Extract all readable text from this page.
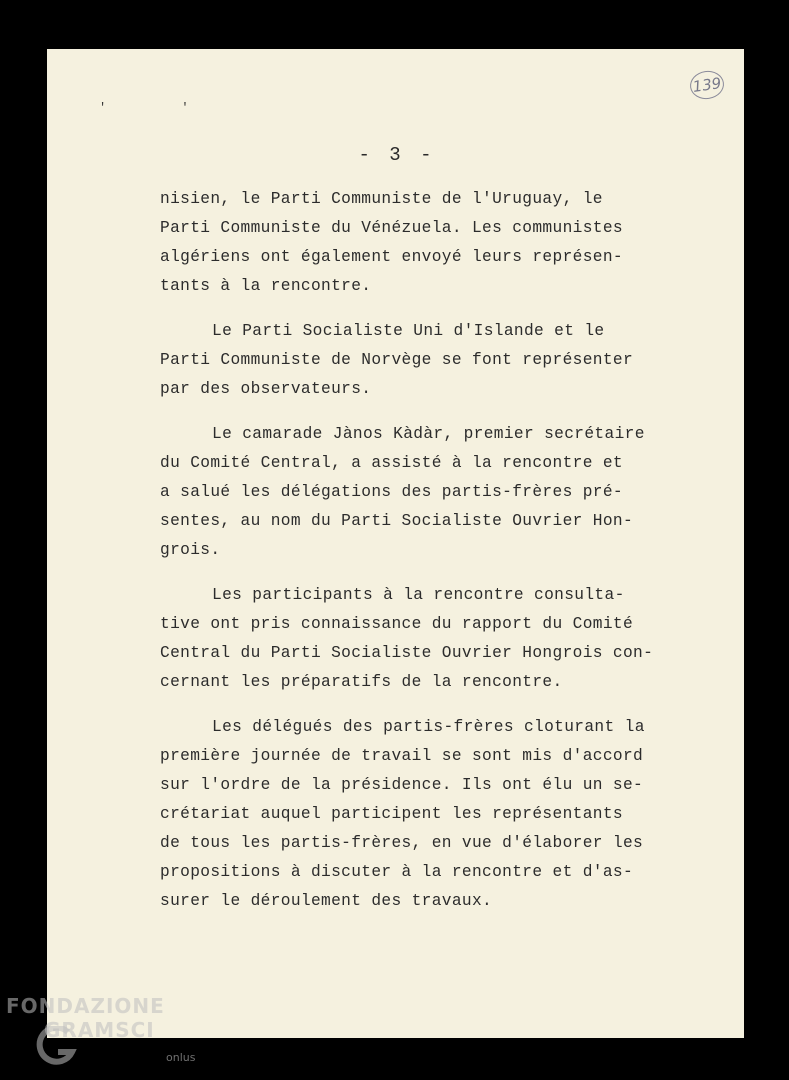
139
' '
- 3 -
nisien, le Parti Communiste de l'Uruguay, le
Parti Communiste du Vénézuela. Les communistes
algériens ont également envoyé leurs représen-
tants à la rencontre.
Le Parti Socialiste Uni d'Islande et le
Parti Communiste de Norvège se font représenter
par des observateurs.
Le camarade Jànos Kàdàr, premier secrétaire
du Comité Central, a assisté à la rencontre et
a salué les délégations des partis-frères pré-
sentes, au nom du Parti Socialiste Ouvrier Hon-
grois.
Les participants à la rencontre consulta-
tive ont pris connaissance du rapport du Comité
Central du Parti Socialiste Ouvrier Hongrois con-
cernant les préparatifs de la rencontre.
Les délégués des partis-frères cloturant la
première journée de travail se sont mis d'accord
sur l'ordre de la présidence. Ils ont élu un se-
crétariat auquel participent les représentants
de tous les partis-frères, en vue d'élaborer les
propositions à discuter à la rencontre et d'as-
surer le déroulement des travaux.
FONDAZIONE
GRAMSCI
onlus
